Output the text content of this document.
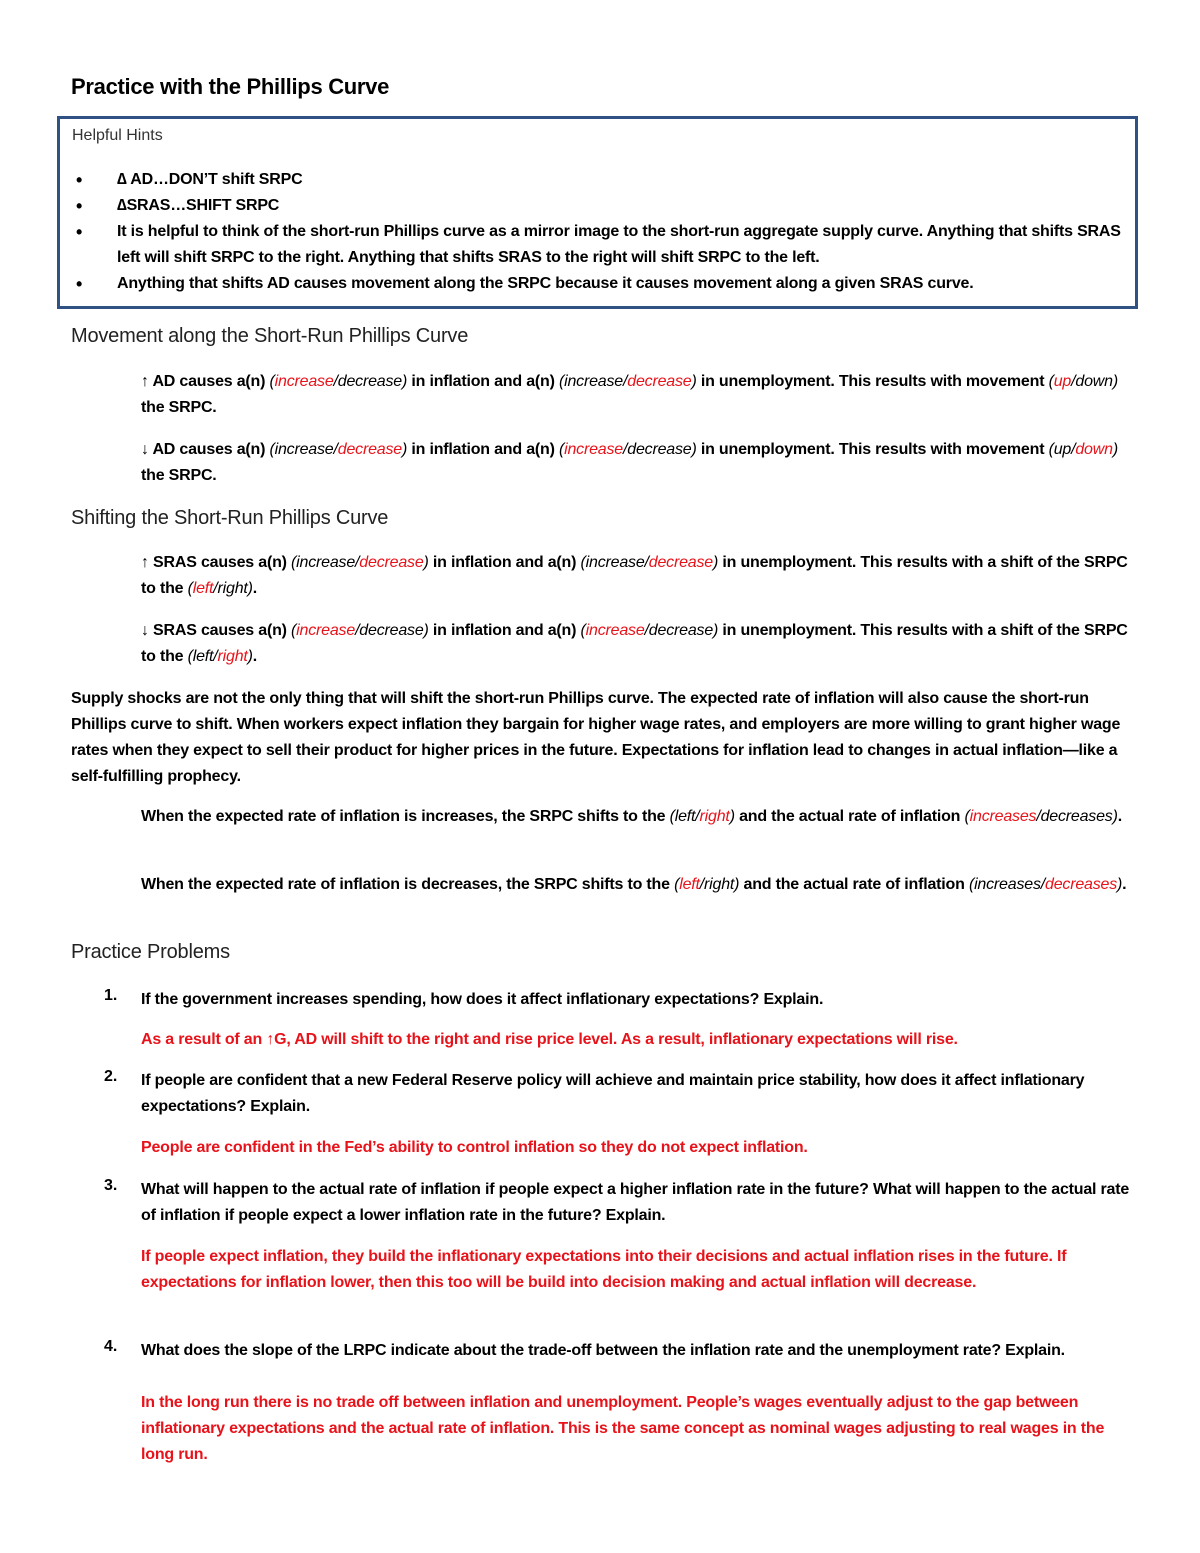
Practice with the Phillips Curve
Helpful Hints
• ∆ AD…DON’T shift SRPC
• ∆SRAS…SHIFT SRPC
• It is helpful to think of the short-run Phillips curve as a mirror image to the short-run aggregate supply curve. Anything that shifts SRAS left will shift SRPC to the right. Anything that shifts SRAS to the right will shift SRPC to the left.
• Anything that shifts AD causes movement along the SRPC because it causes movement along a given SRAS curve.
Movement along the Short-Run Phillips Curve
↑ AD causes a(n) (increase/decrease) in inflation and a(n) (increase/decrease) in unemployment. This results with movement (up/down) the SRPC.
↓ AD causes a(n) (increase/decrease) in inflation and a(n) (increase/decrease) in unemployment. This results with movement (up/down) the SRPC.
Shifting the Short-Run Phillips Curve
↑ SRAS causes a(n) (increase/decrease) in inflation and a(n) (increase/decrease) in unemployment. This results with a shift of the SRPC to the (left/right).
↓ SRAS causes a(n) (increase/decrease) in inflation and a(n) (increase/decrease) in unemployment. This results with a shift of the SRPC to the (left/right).
Supply shocks are not the only thing that will shift the short-run Phillips curve. The expected rate of inflation will also cause the short-run Phillips curve to shift. When workers expect inflation they bargain for higher wage rates, and employers are more willing to grant higher wage rates when they expect to sell their product for higher prices in the future. Expectations for inflation lead to changes in actual inflation—like a self-fulfilling prophecy.
When the expected rate of inflation is increases, the SRPC shifts to the (left/right) and the actual rate of inflation (increases/decreases).
When the expected rate of inflation is decreases, the SRPC shifts to the (left/right) and the actual rate of inflation (increases/decreases).
Practice Problems
1. If the government increases spending, how does it affect inflationary expectations? Explain.
As a result of an ↑G, AD will shift to the right and rise price level. As a result, inflationary expectations will rise.
2. If people are confident that a new Federal Reserve policy will achieve and maintain price stability, how does it affect inflationary expectations? Explain.
People are confident in the Fed’s ability to control inflation so they do not expect inflation.
3. What will happen to the actual rate of inflation if people expect a higher inflation rate in the future? What will happen to the actual rate of inflation if people expect a lower inflation rate in the future? Explain.
If people expect inflation, they build the inflationary expectations into their decisions and actual inflation rises in the future. If expectations for inflation lower, then this too will be build into decision making and actual inflation will decrease.
4. What does the slope of the LRPC indicate about the trade-off between the inflation rate and the unemployment rate? Explain.
In the long run there is no trade off between inflation and unemployment. People’s wages eventually adjust to the gap between inflationary expectations and the actual rate of inflation. This is the same concept as nominal wages adjusting to real wages in the long run.
